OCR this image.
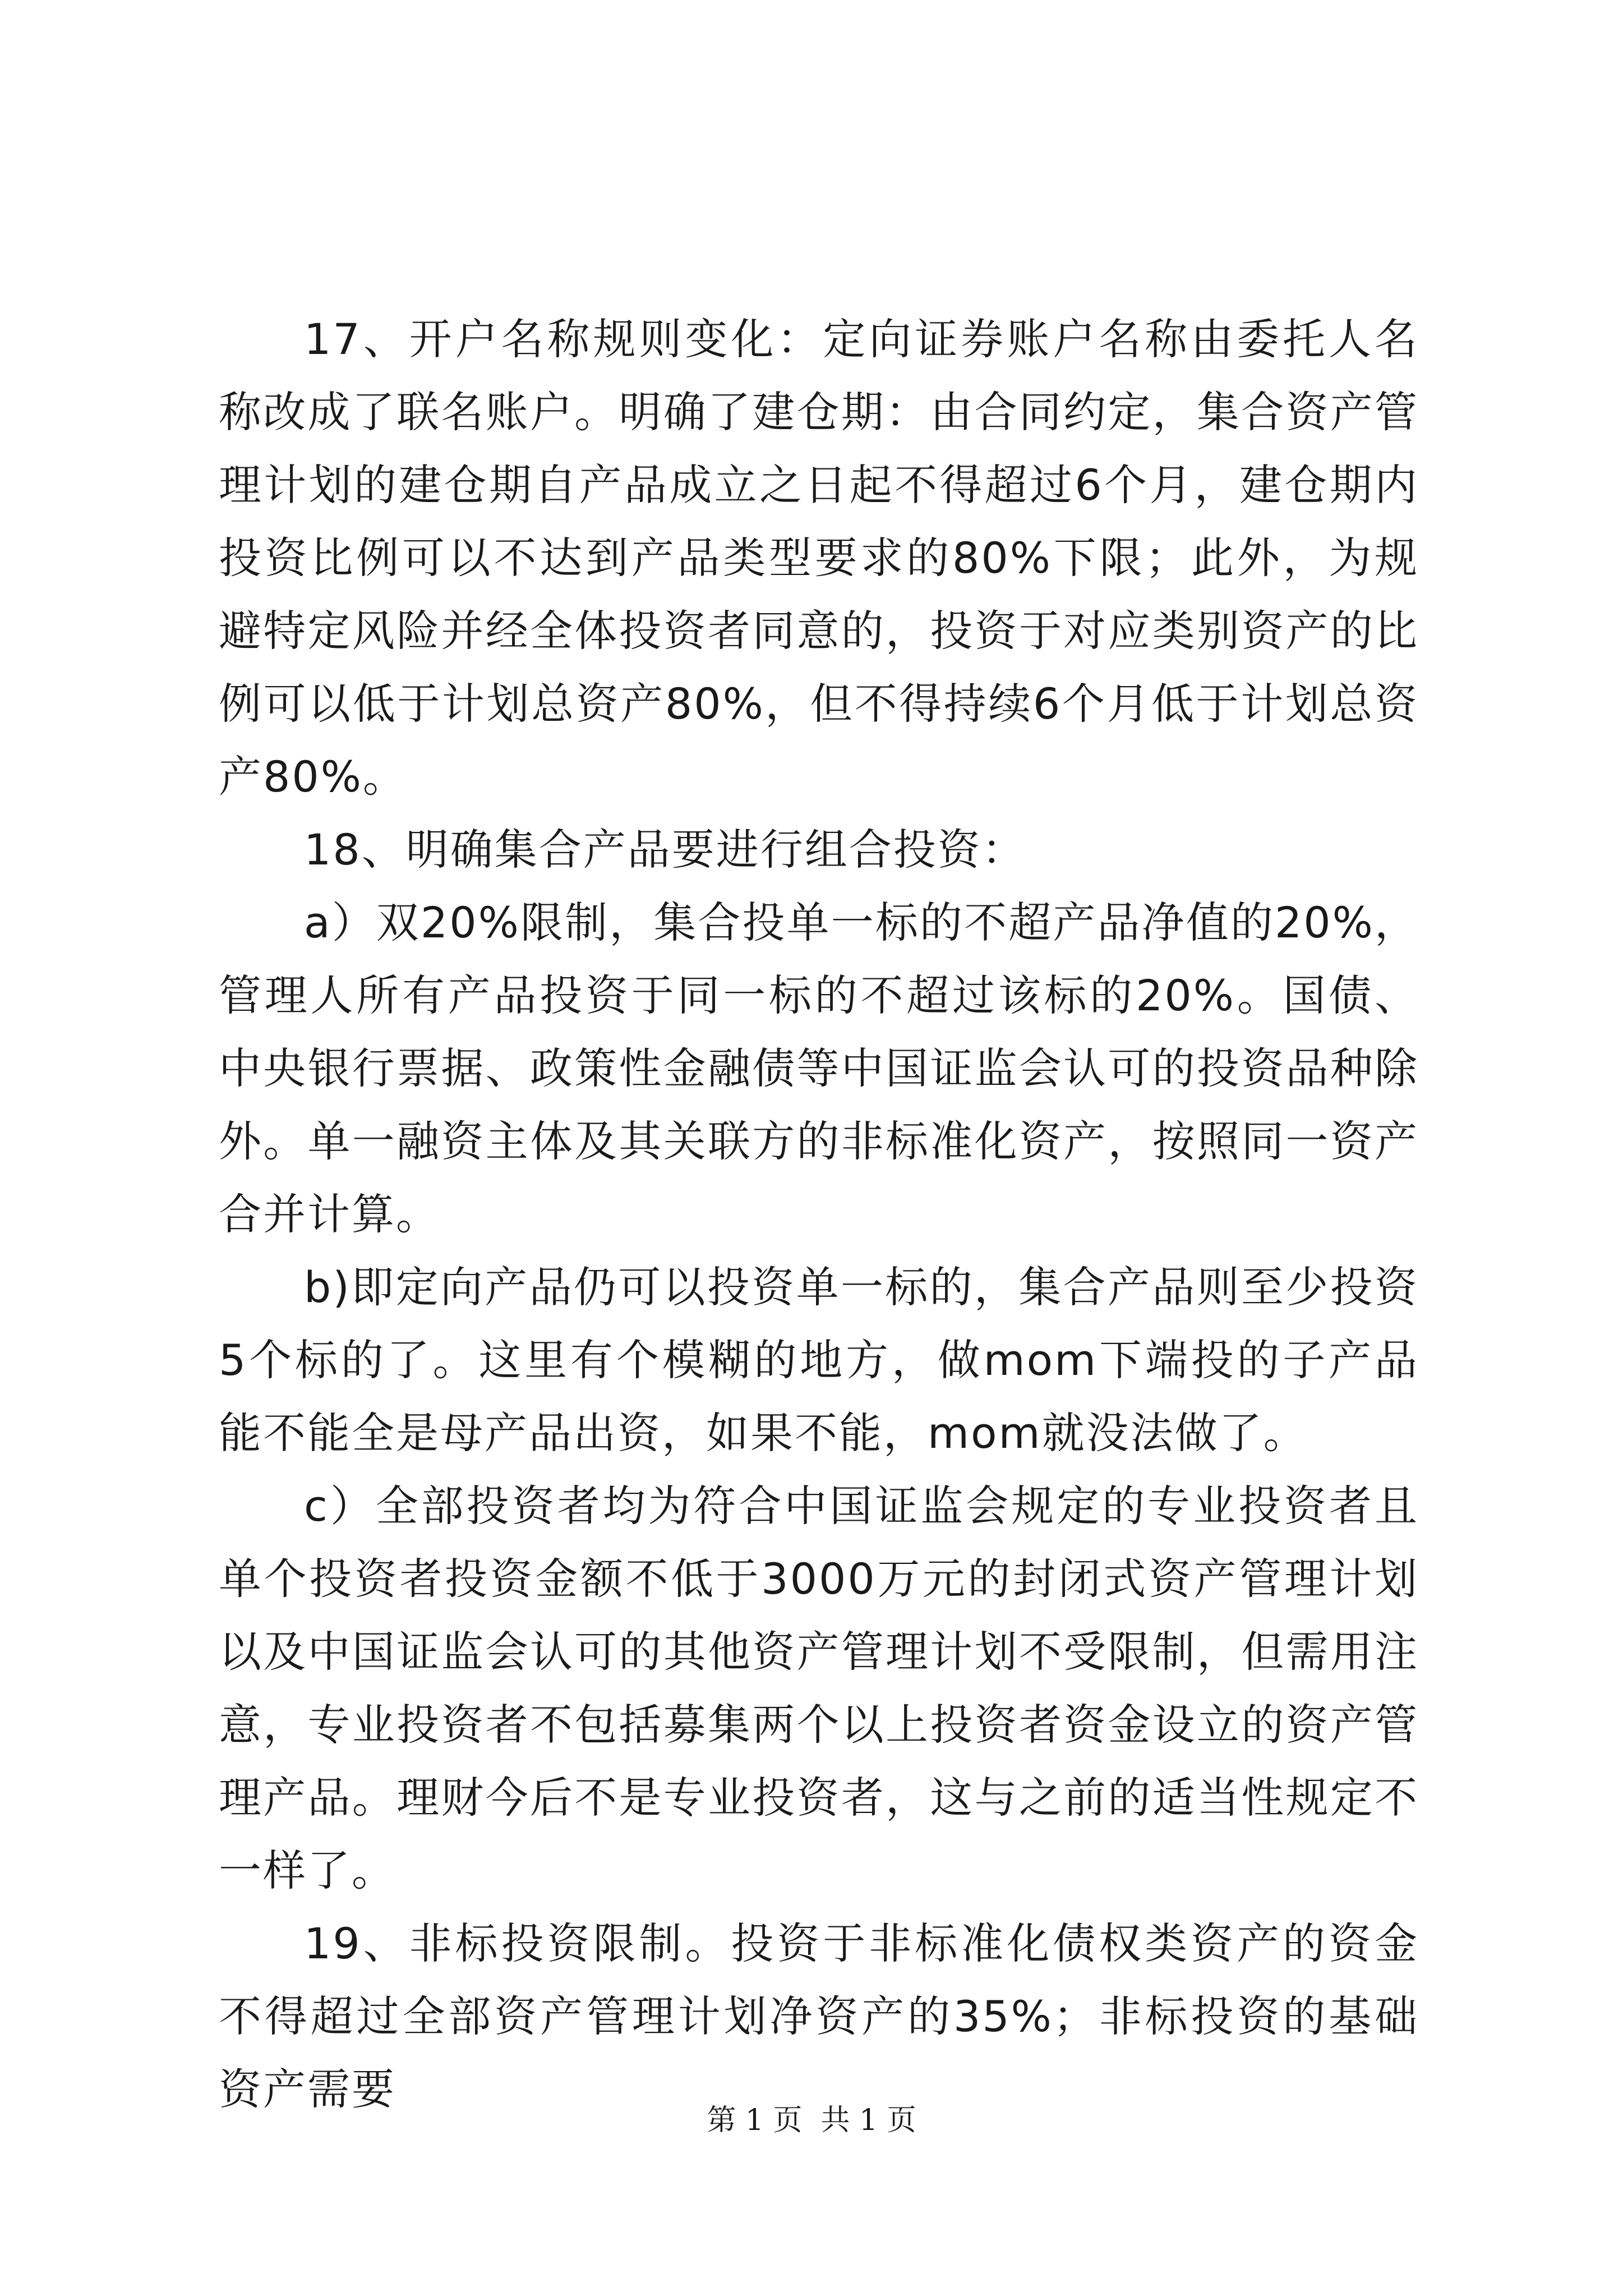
17、开户名称规则变化：定向证券账户名称由委托人名称改成了联名账户。明确了建仓期：由合同约定，集合资产管理计划的建仓期自产品成立之日起不得超过6个月，建仓期内投资比例可以不达到产品类型要求的80%下限；此外，为规避特定风险并经全体投资者同意的，投资于对应类别资产的比例可以低于计划总资产80%，但不得持续6个月低于计划总资产80%。

18、明确集合产品要进行组合投资：

a）双20%限制，集合投单一标的不超产品净值的20%，管理人所有产品投资于同一标的不超过该标的20%。国债、中央银行票据、政策性金融债等中国证监会认可的投资品种除外。单一融资主体及其关联方的非标准化资产，按照同一资产合并计算。

b)即定向产品仍可以投资单一标的，集合产品则至少投资5个标的了。这里有个模糊的地方，做mom下端投的子产品能不能全是母产品出资，如果不能，mom就没法做了。

c）全部投资者均为符合中国证监会规定的专业投资者且单个投资者投资金额不低于3000万元的封闭式资产管理计划以及中国证监会认可的其他资产管理计划不受限制，但需用注意，专业投资者不包括募集两个以上投资者资金设立的资产管理产品。理财今后不是专业投资者，这与之前的适当性规定不一样了。

19、非标投资限制。投资于非标准化债权类资产的资金不得超过全部资产管理计划净资产的35%；非标投资的基础资产需要

第 1 页  共 1 页
